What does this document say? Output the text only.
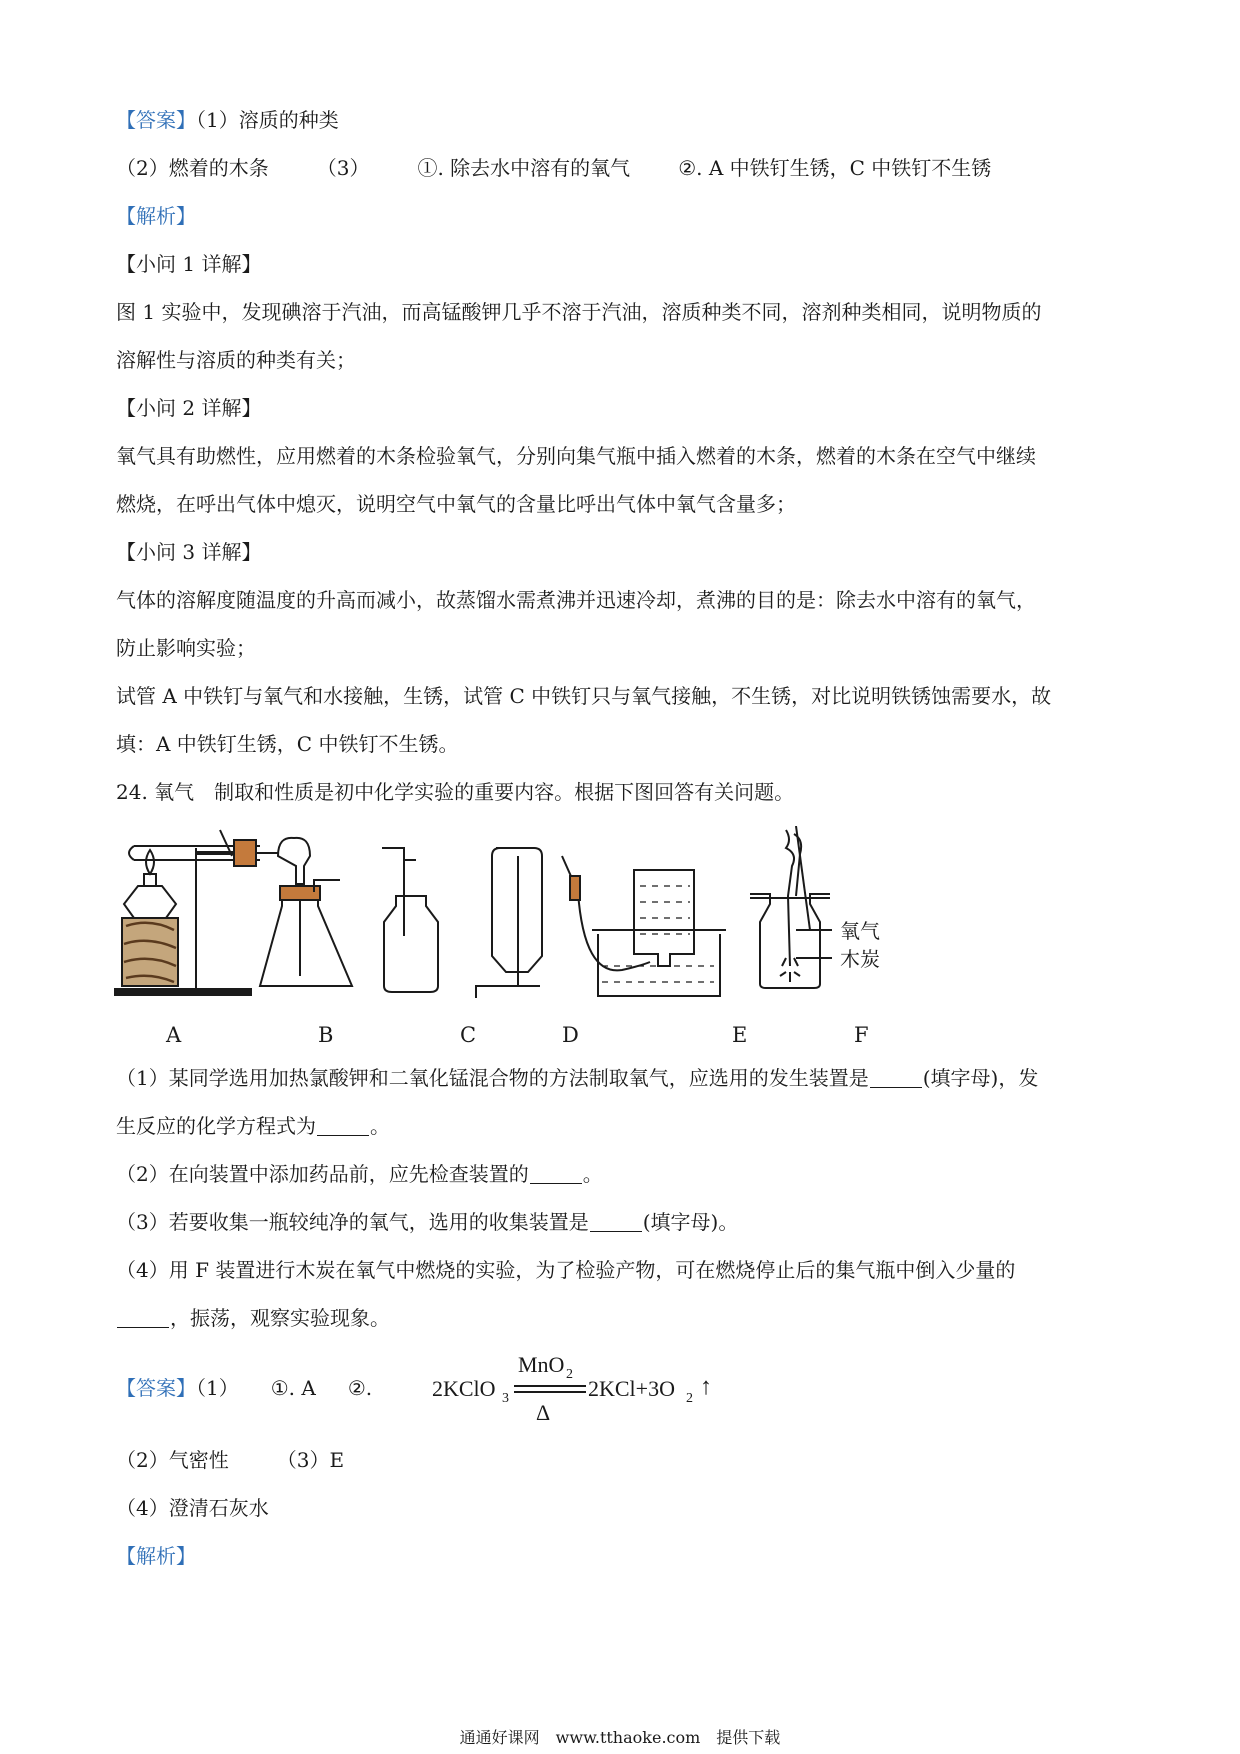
【答案】（1）溶质的种类
（2）燃着的木条 （3） ①. 除去水中溶有的氧气 ②. A 中铁钉生锈，C 中铁钉不生锈
【解析】
【小问 1 详解】
图 1 实验中，发现碘溶于汽油，而高锰酸钾几乎不溶于汽油，溶质种类不同，溶剂种类相同，说明物质的
溶解性与溶质的种类有关；
【小问 2 详解】
氧气具有助燃性，应用燃着的木条检验氧气，分别向集气瓶中插入燃着的木条，燃着的木条在空气中继续
燃烧，在呼出气体中熄灭，说明空气中氧气的含量比呼出气体中氧气含量多；
【小问 3 详解】
气体的溶解度随温度的升高而减小，故蒸馏水需煮沸并迅速冷却，煮沸的目的是：除去水中溶有的氧气，
防止影响实验；
试管 A 中铁钉与氧气和水接触，生锈，试管 C 中铁钉只与氧气接触，不生锈，对比说明铁锈蚀需要水，故
填：A 中铁钉生锈，C 中铁钉不生锈。
24. 氧气　制取和性质是初中化学实验的重要内容。根据下图回答有关问题。
氧气
木炭
A	B	C	D	E	F
（1）某同学选用加热氯酸钾和二氧化锰混合物的方法制取氧气，应选用的发生装置是	(填字母)，发
生反应的化学方程式为	。
（2）在向装置中添加药品前，应先检查装置的	。
（3）若要收集一瓶较纯净的氧气，选用的收集装置是	(填字母)。
（4）用 F 装置进行木炭在氧气中燃烧的实验，为了检验产物，可在燃烧停止后的集气瓶中倒入少量的
，振荡，观察实验现象。
【答案】（1） ①. A ②.	2KClO 3
MnO 2
Δ
2KCl+3O 2 ↑
（2）气密性 （3）E
（4）澄清石灰水
【解析】
通通好课网　www.tthaoke.com　提供下载
